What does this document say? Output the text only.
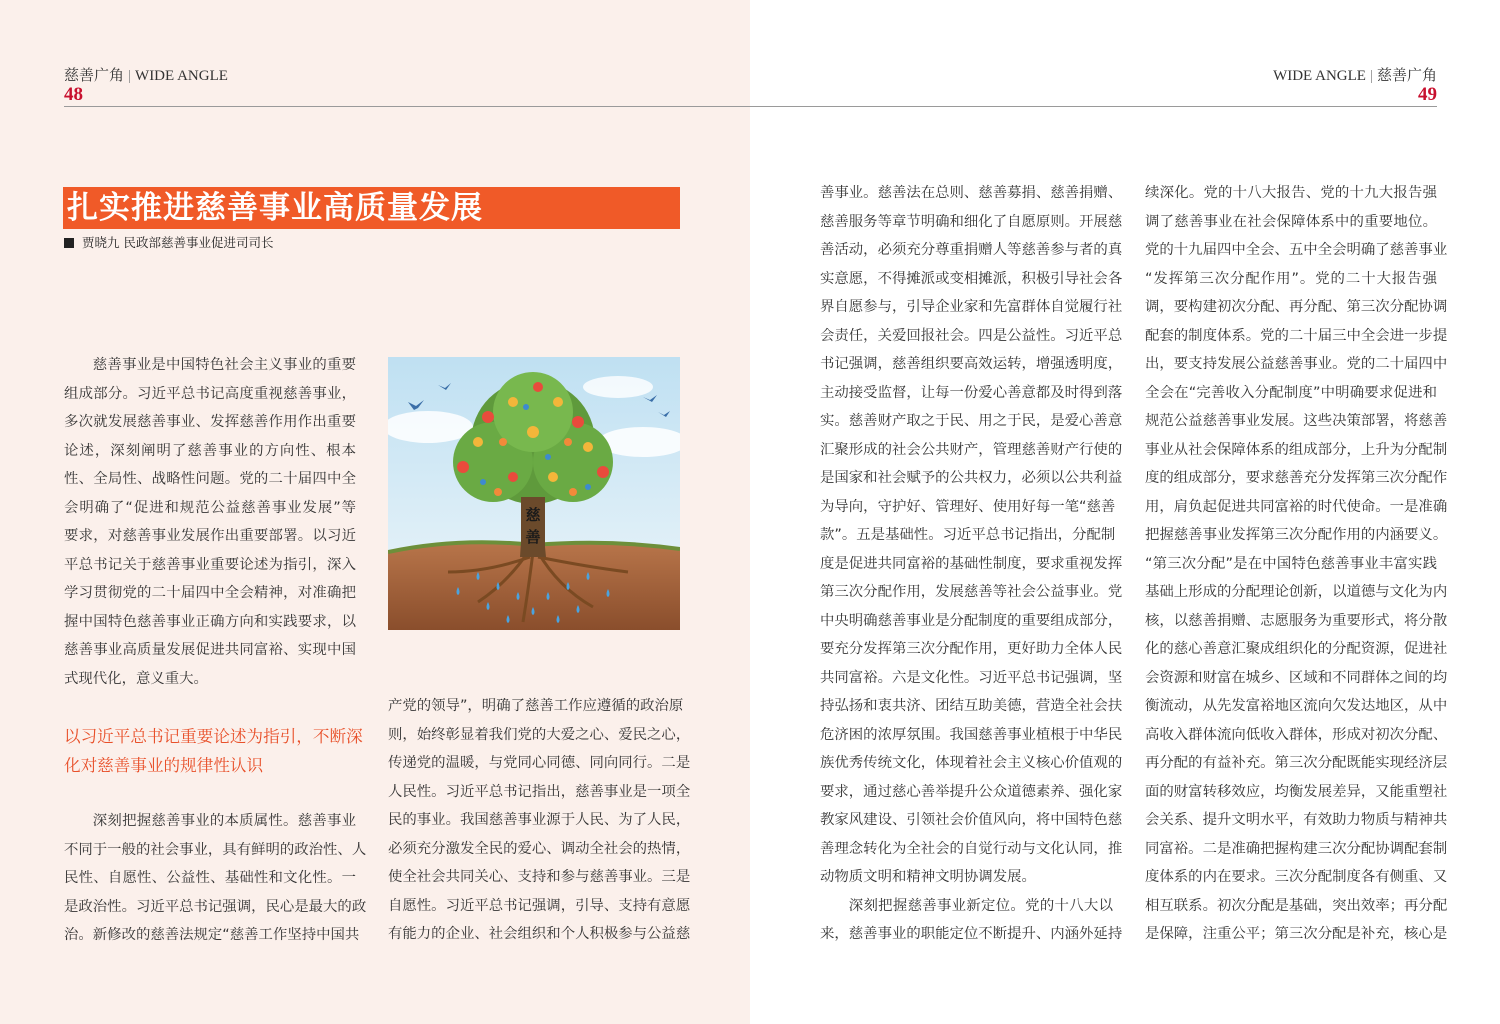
慈善广角 | WIDE ANGLE
48
WIDE ANGLE | 慈善广角
49
扎实推进慈善事业高质量发展
贾晓九 民政部慈善事业促进司司长
慈
善
慈善事业是中国特色社会主义事业的重要
组成部分。习近平总书记高度重视慈善事业，
多次就发展慈善事业、发挥慈善作用作出重要
论述，深刻阐明了慈善事业的方向性、根本
性、全局性、战略性问题。党的二十届四中全
会明确了“促进和规范公益慈善事业发展”等
要求，对慈善事业发展作出重要部署。以习近
平总书记关于慈善事业重要论述为指引，深入
学习贯彻党的二十届四中全会精神，对准确把
握中国特色慈善事业正确方向和实践要求，以
慈善事业高质量发展促进共同富裕、实现中国
式现代化，意义重大。
以习近平总书记重要论述为指引，不断深
化对慈善事业的规律性认识
深刻把握慈善事业的本质属性。慈善事业
不同于一般的社会事业，具有鲜明的政治性、人
民性、自愿性、公益性、基础性和文化性。一
是政治性。习近平总书记强调，民心是最大的政
治。新修改的慈善法规定“慈善工作坚持中国共
产党的领导”，明确了慈善工作应遵循的政治原
则，始终彰显着我们党的大爱之心、爱民之心，
传递党的温暖，与党同心同德、同向同行。二是
人民性。习近平总书记指出，慈善事业是一项全
民的事业。我国慈善事业源于人民、为了人民，
必须充分激发全民的爱心、调动全社会的热情，
使全社会共同关心、支持和参与慈善事业。三是
自愿性。习近平总书记强调，引导、支持有意愿
有能力的企业、社会组织和个人积极参与公益慈
善事业。慈善法在总则、慈善募捐、慈善捐赠、
慈善服务等章节明确和细化了自愿原则。开展慈
善活动，必须充分尊重捐赠人等慈善参与者的真
实意愿，不得摊派或变相摊派，积极引导社会各
界自愿参与，引导企业家和先富群体自觉履行社
会责任，关爱回报社会。四是公益性。习近平总
书记强调，慈善组织要高效运转，增强透明度，
主动接受监督，让每一份爱心善意都及时得到落
实。慈善财产取之于民、用之于民，是爱心善意
汇聚形成的社会公共财产，管理慈善财产行使的
是国家和社会赋予的公共权力，必须以公共利益
为导向，守护好、管理好、使用好每一笔“慈善
款”。五是基础性。习近平总书记指出，分配制
度是促进共同富裕的基础性制度，要求重视发挥
第三次分配作用，发展慈善等社会公益事业。党
中央明确慈善事业是分配制度的重要组成部分，
要充分发挥第三次分配作用，更好助力全体人民
共同富裕。六是文化性。习近平总书记强调，坚
持弘扬和衷共济、团结互助美德，营造全社会扶
危济困的浓厚氛围。我国慈善事业植根于中华民
族优秀传统文化，体现着社会主义核心价值观的
要求，通过慈心善举提升公众道德素养、强化家
教家风建设、引领社会价值风向，将中国特色慈
善理念转化为全社会的自觉行动与文化认同，推
动物质文明和精神文明协调发展。
深刻把握慈善事业新定位。党的十八大以
来，慈善事业的职能定位不断提升、内涵外延持
续深化。党的十八大报告、党的十九大报告强
调了慈善事业在社会保障体系中的重要地位。
党的十九届四中全会、五中全会明确了慈善事业
“发挥第三次分配作用”。党的二十大报告强
调，要构建初次分配、再分配、第三次分配协调
配套的制度体系。党的二十届三中全会进一步提
出，要支持发展公益慈善事业。党的二十届四中
全会在“完善收入分配制度”中明确要求促进和
规范公益慈善事业发展。这些决策部署，将慈善
事业从社会保障体系的组成部分，上升为分配制
度的组成部分，要求慈善充分发挥第三次分配作
用，肩负起促进共同富裕的时代使命。一是准确
把握慈善事业发挥第三次分配作用的内涵要义。
“第三次分配”是在中国特色慈善事业丰富实践
基础上形成的分配理论创新，以道德与文化为内
核，以慈善捐赠、志愿服务为重要形式，将分散
化的慈心善意汇聚成组织化的分配资源，促进社
会资源和财富在城乡、区域和不同群体之间的均
衡流动，从先发富裕地区流向欠发达地区，从中
高收入群体流向低收入群体，形成对初次分配、
再分配的有益补充。第三次分配既能实现经济层
面的财富转移效应，均衡发展差异，又能重塑社
会关系、提升文明水平，有效助力物质与精神共
同富裕。二是准确把握构建三次分配协调配套制
度体系的内在要求。三次分配制度各有侧重、又
相互联系。初次分配是基础，突出效率；再分配
是保障，注重公平；第三次分配是补充，核心是
